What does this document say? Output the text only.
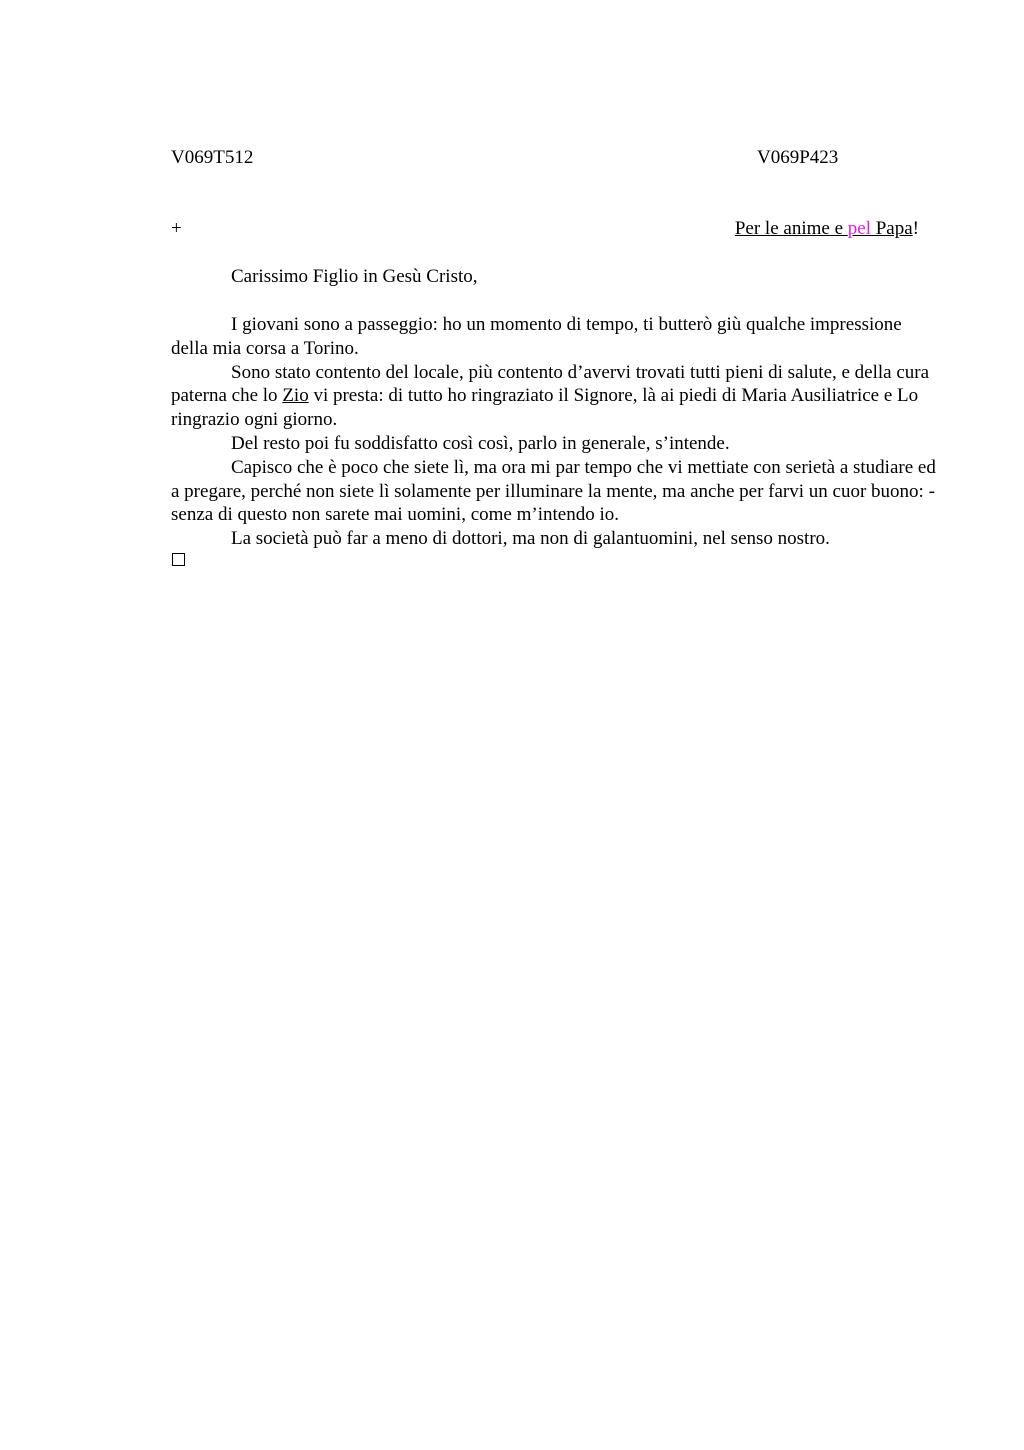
V069T512	V069P423
+	Per le anime e pel Papa!
Carissimo Figlio in Gesù Cristo,

I giovani sono a passeggio: ho un momento di tempo, ti butterò giù qualche impressione della mia corsa a Torino.

Sono stato contento del locale, più contento d’avervi trovati tutti pieni di salute, e della cura paterna che lo Zio vi presta: di tutto ho ringraziato il Signore, là ai piedi di Maria Ausiliatrice e Lo ringrazio ogni giorno.

Del resto poi fu soddisfatto così così, parlo in generale, s’intende.

Capisco che è poco che siete lì, ma ora mi par tempo che vi mettiate con serietà a studiare ed a pregare, perché non siete lì solamente per illuminare la mente, ma anche per farvi un cuor buono: - senza di questo non sarete mai uomini, come m’intendo io.

La società può far a meno di dottori, ma non di galantuomini, nel senso nostro.
